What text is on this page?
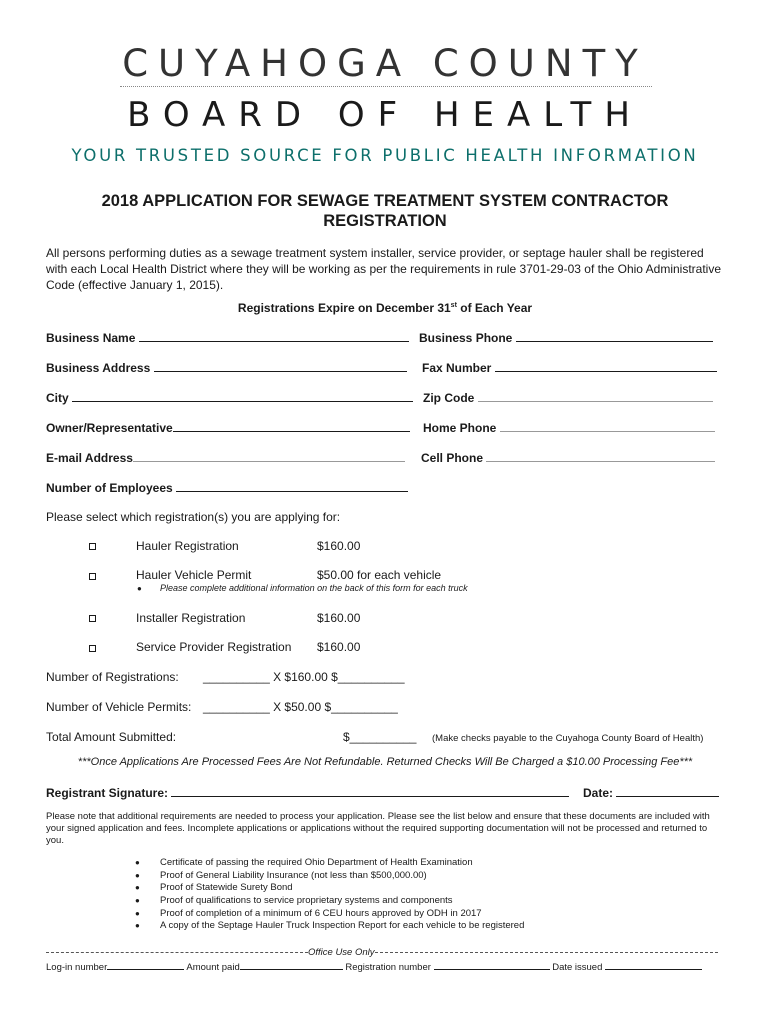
CUYAHOGA COUNTY
BOARD OF HEALTH
YOUR TRUSTED SOURCE FOR PUBLIC HEALTH INFORMATION
2018 APPLICATION FOR SEWAGE TREATMENT SYSTEM CONTRACTOR
REGISTRATION
All persons performing duties as a sewage treatment system installer, service provider, or septage hauler shall be registered with each Local Health District where they will be working as per the requirements in rule 3701-29-03 of the Ohio Administrative Code (effective January 1, 2015).
Registrations Expire on December 31st of Each Year
Business Name	Business Phone
Business Address	Fax Number
City	Zip Code
Owner/Representative	Home Phone
E-mail Address	Cell Phone
Number of Employees
Please select which registration(s) you are applying for:
Hauler Registration	$160.00
Hauler Vehicle Permit	$50.00 for each vehicle
● Please complete additional information on the back of this form for each truck
Installer Registration	$160.00
Service Provider Registration $160.00
Number of Registrations: __________ X $160.00 $__________
Number of Vehicle Permits: __________ X $50.00 $__________
Total Amount Submitted:	$__________ (Make checks payable to the Cuyahoga County Board of Health)
***Once Applications Are Processed Fees Are Not Refundable. Returned Checks Will Be Charged a $10.00 Processing Fee***
Registrant Signature:	Date:
Please note that additional requirements are needed to process your application. Please see the list below and ensure that these documents are included with your signed application and fees. Incomplete applications or applications without the required supporting documentation will not be processed and returned to you.
● Certificate of passing the required Ohio Department of Health Examination
● Proof of General Liability Insurance (not less than $500,000.00)
● Proof of Statewide Surety Bond
● Proof of qualifications to service proprietary systems and components
● Proof of completion of a minimum of 6 CEU hours approved by ODH in 2017
● A copy of the Septage Hauler Truck Inspection Report for each vehicle to be registered
Office Use Only
Log-in number	Amount paid	Registration number	Date issued
